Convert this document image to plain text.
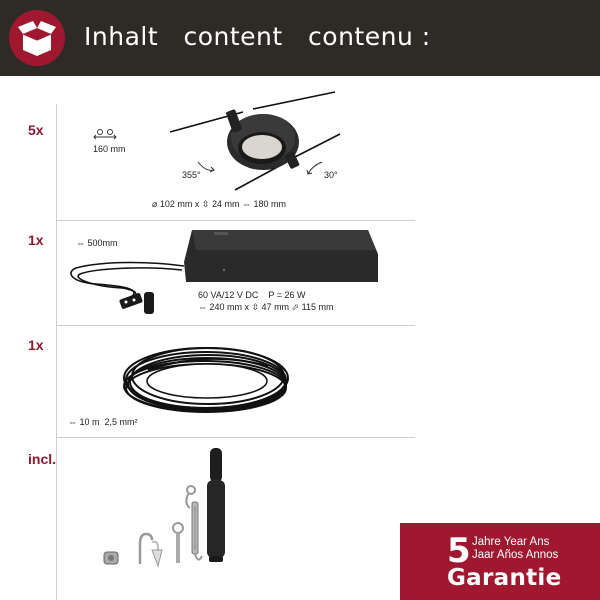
Inhalt   content   contenu :
5x
160 mm
355°	30°
⌀ 102 mm x ⇳ 24 mm ⇔ 180 mm
1x	⇔ 500mm
60 VA/12 V DC    P = 26 W
⇔ 240 mm x ⇳ 47 mm ⬀ 115 mm
1x
⇔ 10 m  2,5 mm²
incl.
5 Jahre Year Ans
Jaar Años Annos
Garantie
